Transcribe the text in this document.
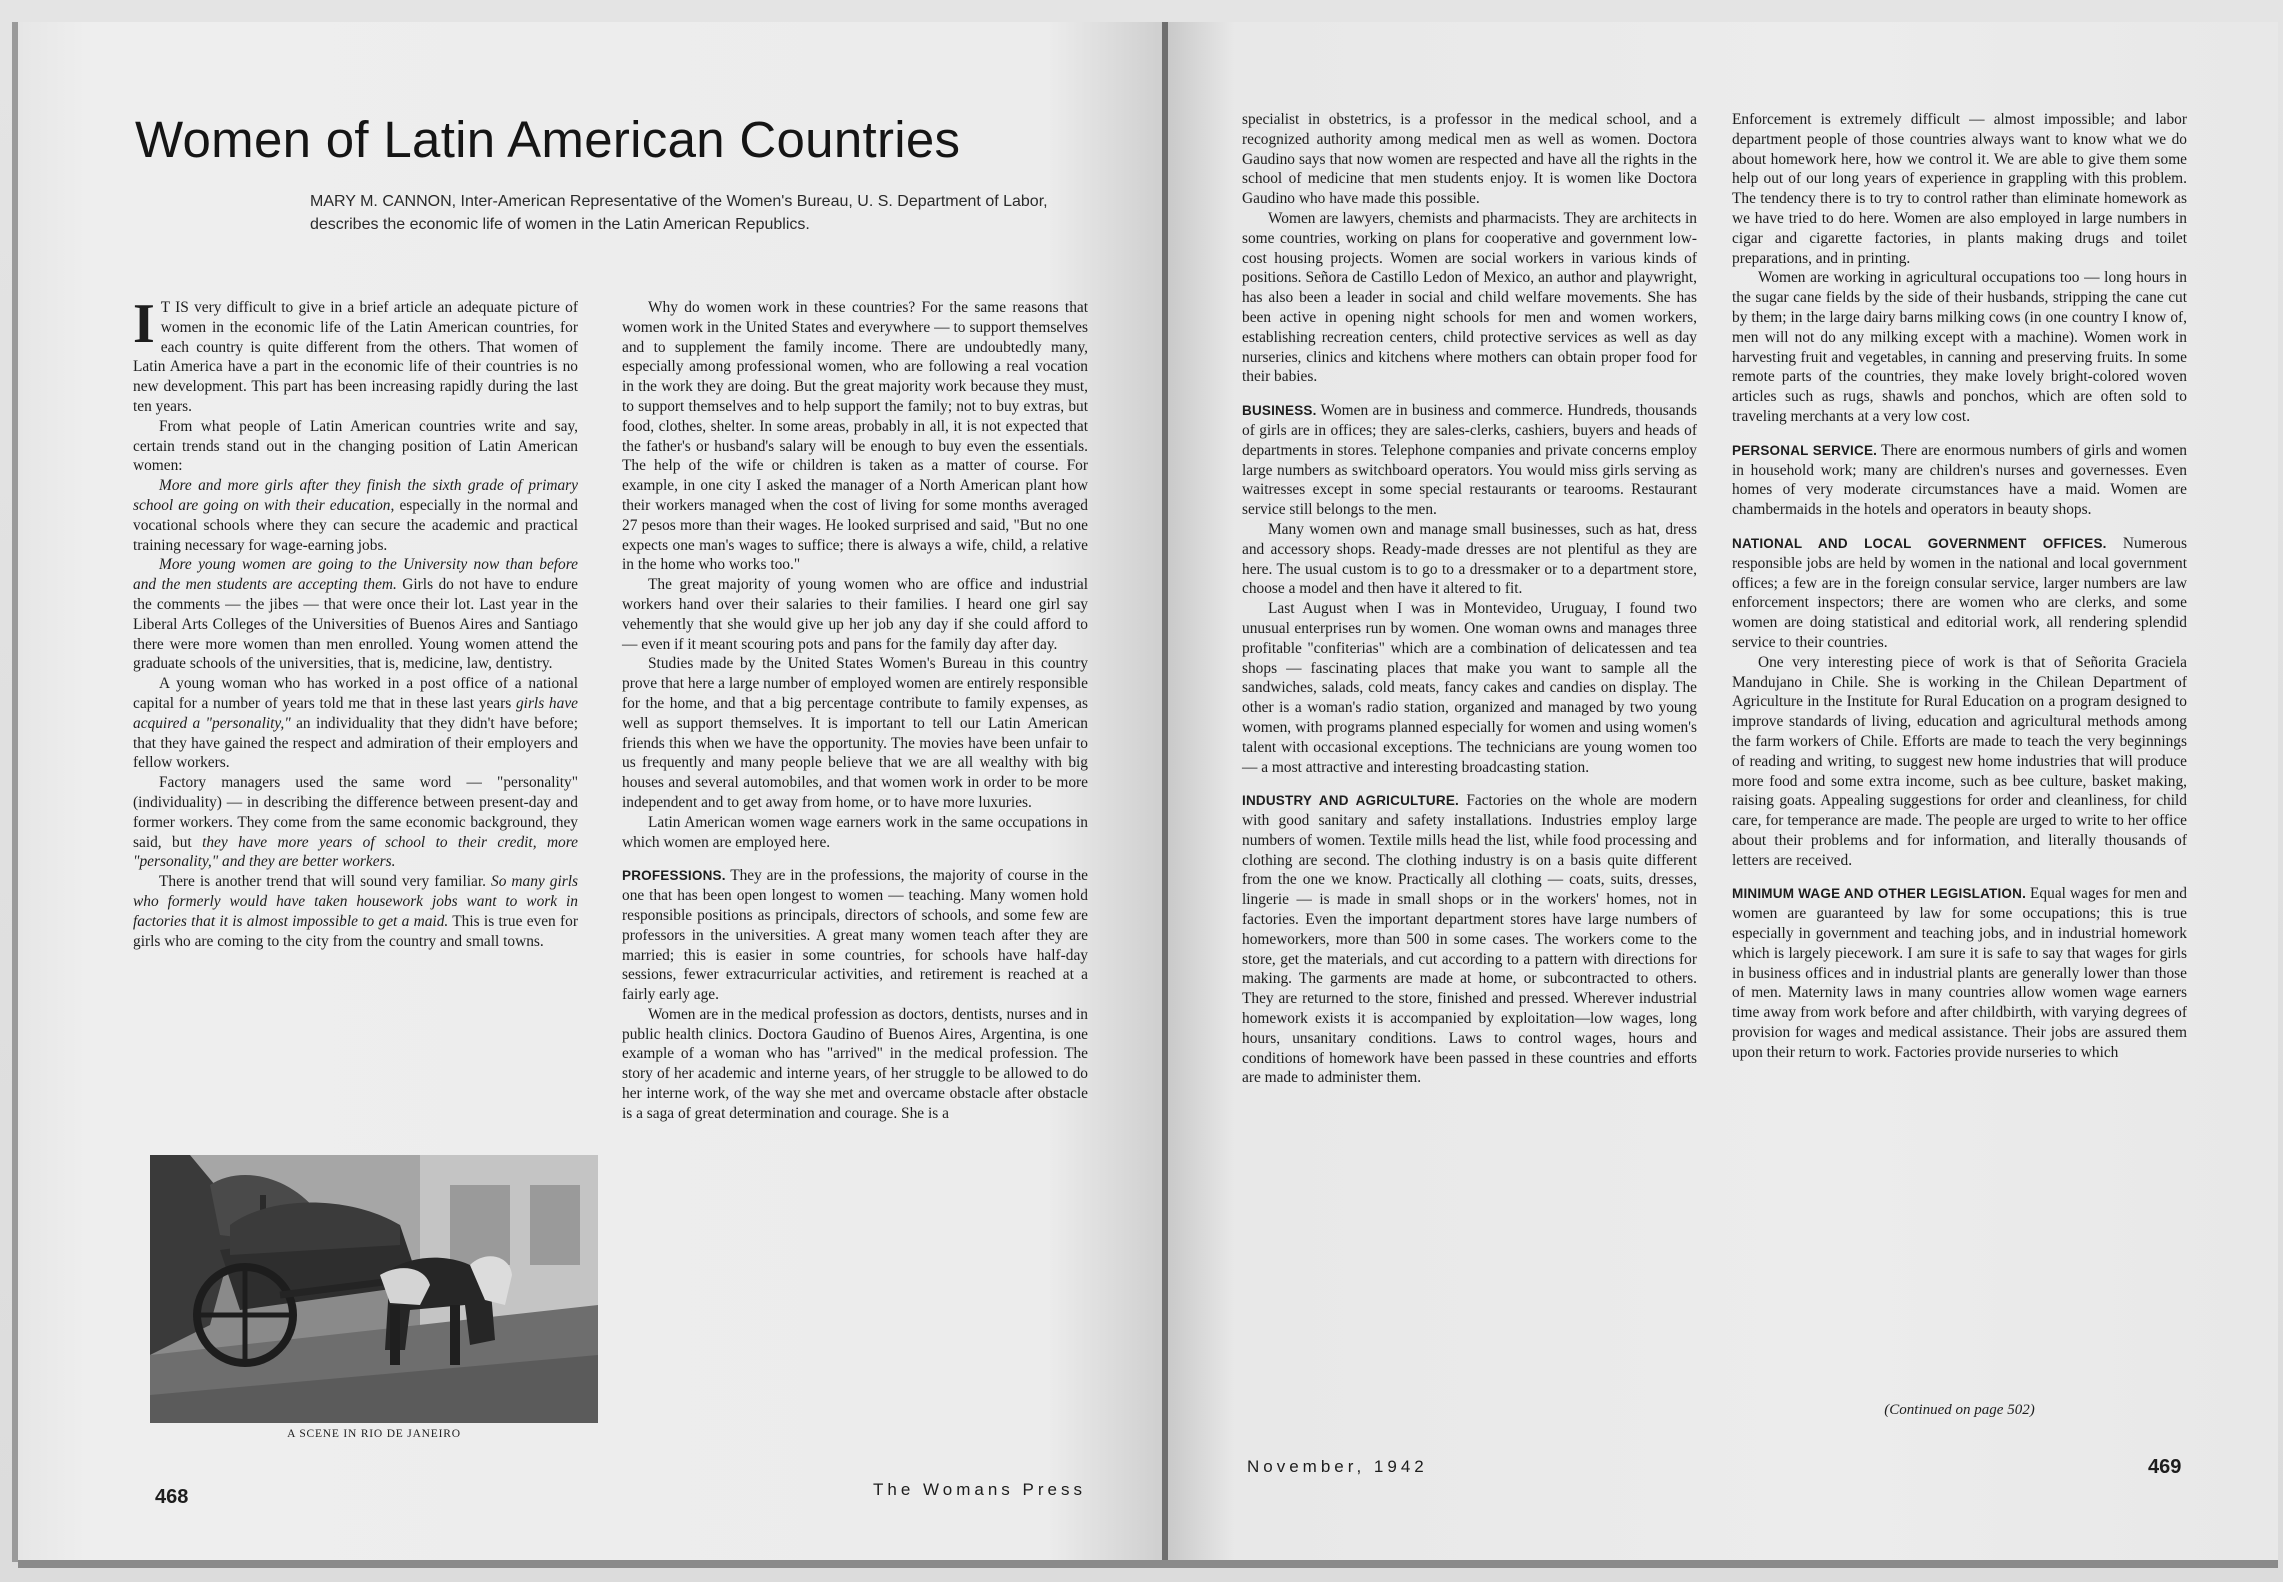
Women of Latin American Countries
MARY M. CANNON, Inter-American Representative of the Women's Bureau, U. S. Department of Labor, describes the economic life of women in the Latin American Republics.

I T IS very difficult to give in a brief article an adequate picture of women in the economic life of the Latin American countries, for each country is quite different from the others. That women of Latin America have a part in the economic life of their countries is no new development. This part has been increasing rapidly during the last ten years.

From what people of Latin American countries write and say, certain trends stand out in the changing position of Latin American women:

More and more girls after they finish the sixth grade of primary school are going on with their education, especially in the normal and vocational schools where they can secure the academic and practical training necessary for wage-earning jobs.

More young women are going to the University now than before and the men students are accepting them. Girls do not have to endure the comments — the jibes — that were once their lot. Last year in the Liberal Arts Colleges of the Universities of Buenos Aires and Santiago there were more women than men enrolled. Young women attend the graduate schools of the universities, that is, medicine, law, dentistry.

A young woman who has worked in a post office of a national capital for a number of years told me that in these last years girls have acquired a "personality," an individuality that they didn't have before; that they have gained the respect and admiration of their employers and fellow workers.

Factory managers used the same word — "personality" (individuality) — in describing the difference between present-day and former workers. They come from the same economic background, they said, but they have more years of school to their credit, more "personality," and they are better workers.

There is another trend that will sound very familiar. So many girls who formerly would have taken housework jobs want to work in factories that it is almost impossible to get a maid. This is true even for girls who are coming to the city from the country and small towns.

A SCENE IN RIO DE JANEIRO

Why do women work in these countries? For the same reasons that women work in the United States and everywhere — to support themselves and to supplement the family income. There are undoubtedly many, especially among professional women, who are following a real vocation in the work they are doing. But the great majority work because they must, to support themselves and to help support the family; not to buy extras, but food, clothes, shelter. In some areas, probably in all, it is not expected that the father's or husband's salary will be enough to buy even the essentials. The help of the wife or children is taken as a matter of course. For example, in one city I asked the manager of a North American plant how their workers managed when the cost of living for some months averaged 27 pesos more than their wages. He looked surprised and said, "But no one expects one man's wages to suffice; there is always a wife, child, a relative in the home who works too."

The great majority of young women who are office and industrial workers hand over their salaries to their families. I heard one girl say vehemently that she would give up her job any day if she could afford to — even if it meant scouring pots and pans for the family day after day.

Studies made by the United States Women's Bureau in this country prove that here a large number of employed women are entirely responsible for the home, and that a big percentage contribute to family expenses, as well as support themselves. It is important to tell our Latin American friends this when we have the opportunity. The movies have been unfair to us frequently and many people believe that we are all wealthy with big houses and several automobiles, and that women work in order to be more independent and to get away from home, or to have more luxuries.

Latin American women wage earners work in the same occupations in which women are employed here.

PROFESSIONS. They are in the professions, the majority of course in the one that has been open longest to women — teaching. Many women hold responsible positions as principals, directors of schools, and some few are professors in the universities. A great many women teach after they are married; this is easier in some countries, for schools have half-day sessions, fewer extracurricular activities, and retirement is reached at a fairly early age.

Women are in the medical profession as doctors, dentists, nurses and in public health clinics. Doctora Gaudino of Buenos Aires, Argentina, is one example of a woman who has "arrived" in the medical profession. The story of her academic and interne years, of her struggle to be allowed to do her interne work, of the way she met and overcame obstacle after obstacle is a saga of great determination and courage. She is a

specialist in obstetrics, is a professor in the medical school, and a recognized authority among medical men as well as women. Doctora Gaudino says that now women are respected and have all the rights in the school of medicine that men students enjoy. It is women like Doctora Gaudino who have made this possible.

Women are lawyers, chemists and pharmacists. They are architects in some countries, working on plans for cooperative and government low-cost housing projects. Women are social workers in various kinds of positions. Señora de Castillo Ledon of Mexico, an author and playwright, has also been a leader in social and child welfare movements. She has been active in opening night schools for men and women workers, establishing recreation centers, child protective services as well as day nurseries, clinics and kitchens where mothers can obtain proper food for their babies.

BUSINESS. Women are in business and commerce. Hundreds, thousands of girls are in offices; they are sales-clerks, cashiers, buyers and heads of departments in stores. Telephone companies and private concerns employ large numbers as switchboard operators. You would miss girls serving as waitresses except in some special restaurants or tearooms. Restaurant service still belongs to the men.

Many women own and manage small businesses, such as hat, dress and accessory shops. Ready-made dresses are not plentiful as they are here. The usual custom is to go to a dressmaker or to a department store, choose a model and then have it altered to fit.

Last August when I was in Montevideo, Uruguay, I found two unusual enterprises run by women. One woman owns and manages three profitable "confiterias" which are a combination of delicatessen and tea shops — fascinating places that make you want to sample all the sandwiches, salads, cold meats, fancy cakes and candies on display. The other is a woman's radio station, organized and managed by two young women, with programs planned especially for women and using women's talent with occasional exceptions. The technicians are young women too — a most attractive and interesting broadcasting station.

INDUSTRY AND AGRICULTURE. Factories on the whole are modern with good sanitary and safety installations. Industries employ large numbers of women. Textile mills head the list, while food processing and clothing are second. The clothing industry is on a basis quite different from the one we know. Practically all clothing — coats, suits, dresses, lingerie — is made in small shops or in the workers' homes, not in factories. Even the important department stores have large numbers of homeworkers, more than 500 in some cases. The workers come to the store, get the materials, and cut according to a pattern with directions for making. The garments are made at home, or subcontracted to others. They are returned to the store, finished and pressed. Wherever industrial homework exists it is accompanied by exploitation—low wages, long hours, unsanitary conditions. Laws to control wages, hours and conditions of homework have been passed in these countries and efforts are made to administer them.

Enforcement is extremely difficult — almost impossible; and labor department people of those countries always want to know what we do about homework here, how we control it. We are able to give them some help out of our long years of experience in grappling with this problem. The tendency there is to try to control rather than eliminate homework as we have tried to do here. Women are also employed in large numbers in cigar and cigarette factories, in plants making drugs and toilet preparations, and in printing.

Women are working in agricultural occupations too — long hours in the sugar cane fields by the side of their husbands, stripping the cane cut by them; in the large dairy barns milking cows (in one country I know of, men will not do any milking except with a machine). Women work in harvesting fruit and vegetables, in canning and preserving fruits. In some remote parts of the countries, they make lovely bright-colored woven articles such as rugs, shawls and ponchos, which are often sold to traveling merchants at a very low cost.

PERSONAL SERVICE. There are enormous numbers of girls and women in household work; many are children's nurses and governesses. Even homes of very moderate circumstances have a maid. Women are chambermaids in the hotels and operators in beauty shops.

NATIONAL AND LOCAL GOVERNMENT OFFICES. Numerous responsible jobs are held by women in the national and local government offices; a few are in the foreign consular service, larger numbers are law enforcement inspectors; there are women who are clerks, and some women are doing statistical and editorial work, all rendering splendid service to their countries.

One very interesting piece of work is that of Señorita Graciela Mandujano in Chile. She is working in the Chilean Department of Agriculture in the Institute for Rural Education on a program designed to improve standards of living, education and agricultural methods among the farm workers of Chile. Efforts are made to teach the very beginnings of reading and writing, to suggest new home industries that will produce more food and some extra income, such as bee culture, basket making, raising goats. Appealing suggestions for order and cleanliness, for child care, for temperance are made. The people are urged to write to her office about their problems and for information, and literally thousands of letters are received.

MINIMUM WAGE AND OTHER LEGISLATION. Equal wages for men and women are guaranteed by law for some occupations; this is true especially in government and teaching jobs, and in industrial homework which is largely piecework. I am sure it is safe to say that wages for girls in business offices and in industrial plants are generally lower than those of men. Maternity laws in many countries allow women wage earners time away from work before and after childbirth, with varying degrees of provision for wages and medical assistance. Their jobs are assured them upon their return to work. Factories provide nurseries to which

(Continued on page 502)
468	The Womans Press
November, 1942	469
